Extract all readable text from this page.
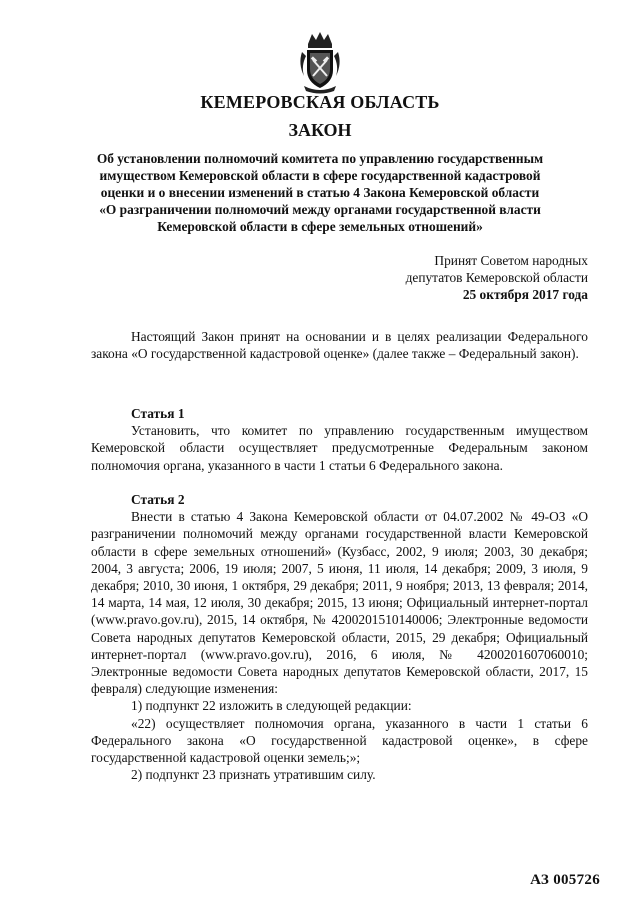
КЕМЕРОВСКАЯ ОБЛАСТЬ
ЗАКОН
Об установлении полномочий комитета по управлению государственным
имуществом Кемеровской области в сфере государственной кадастровой
оценки и о внесении изменений в статью 4 Закона Кемеровской области
«О разграничении полномочий между органами государственной власти
Кемеровской области в сфере земельных отношений»
Принят Советом народных
депутатов Кемеровской области
25 октября 2017 года

Настоящий Закон принят на основании и в целях реализации Федерального закона «О государственной кадастровой оценке» (далее также – Федеральный закон).

Статья 1

Установить, что комитет по управлению государственным имуществом Кемеровской области осуществляет предусмотренные Федеральным законом полномочия органа, указанного в части 1 статьи 6 Федерального закона.

Статья 2

Внести в статью 4 Закона Кемеровской области от 04.07.2002 № 49-ОЗ «О разграничении полномочий между органами государственной власти Кемеровской области в сфере земельных отношений» (Кузбасс, 2002, 9 июля; 2003, 30 декабря; 2004, 3 августа; 2006, 19 июля; 2007, 5 июня, 11 июля, 14 декабря; 2009, 3 июля, 9 декабря; 2010, 30 июня, 1 октября, 29 декабря; 2011, 9 ноября; 2013, 13 февраля; 2014, 14 марта, 14 мая, 12 июля, 30 декабря; 2015, 13 июня; Официальный интернет-портал (www.pravo.gov.ru), 2015, 14 октября, № 4200201510140006; Электронные ведомости Совета народных депутатов Кемеровской области, 2015, 29 декабря; Официальный интернет-портал (www.pravo.gov.ru), 2016, 6 июля, № 4200201607060010; Электронные ведомости Совета народных депутатов Кемеровской области, 2017, 15 февраля) следующие изменения:

1) подпункт 22 изложить в следующей редакции:

«22) осуществляет полномочия органа, указанного в части 1 статьи 6 Федерального закона «О государственной кадастровой оценке», в сфере государственной кадастровой оценки земель;»;

2) подпункт 23 признать утратившим силу.

АЗ 005726
